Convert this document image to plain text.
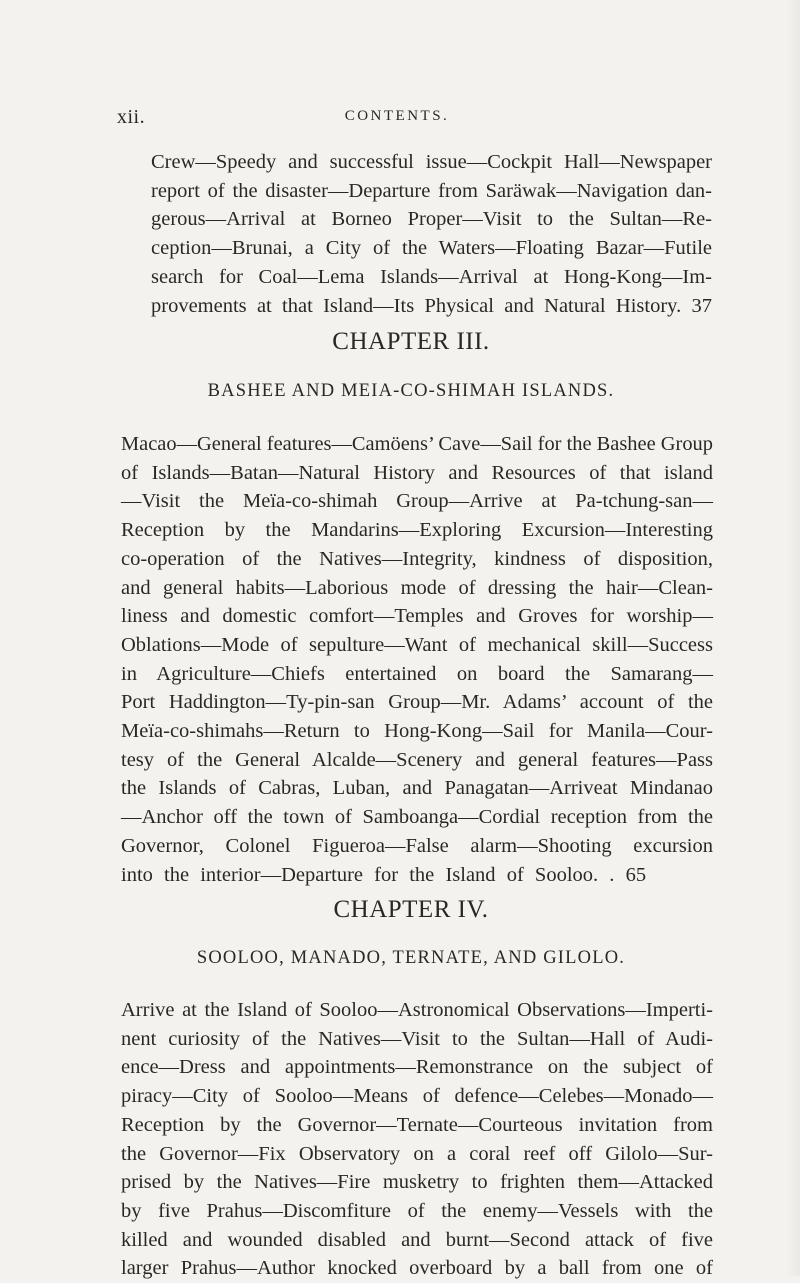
xii.	CONTENTS.
Crew—Speedy and successful issue—Cockpit Hall—Newspaper
report of the disaster—Departure from Saräwak—Navigation dan-
gerous—Arrival at Borneo Proper—Visit to the Sultan—Re-
ception—Brunai, a City of the Waters—Floating Bazar—Futile
search for Coal—Lema Islands—Arrival at Hong-Kong—Im-
provements at that Island—Its Physical and Natural History. 37
CHAPTER III.
BASHEE AND MEIA-CO-SHIMAH ISLANDS.
Macao—General features—Camöens’ Cave—Sail for the Bashee Group
of Islands—Batan—Natural History and Resources of that island
—Visit the Meïa-co-shimah Group—Arrive at Pa-tchung-san—
Reception by the Mandarins—Exploring Excursion—Interesting
co-operation of the Natives—Integrity, kindness of disposition,
and general habits—Laborious mode of dressing the hair—Clean-
liness and domestic comfort—Temples and Groves for worship—
Oblations—Mode of sepulture—Want of mechanical skill—Success
in Agriculture—Chiefs entertained on board the Samarang—
Port Haddington—Ty-pin-san Group—Mr. Adams’ account of the
Meïa-co-shimahs—Return to Hong-Kong—Sail for Manila—Cour-
tesy of the General Alcalde—Scenery and general features—Pass
the Islands of Cabras, Luban, and Panagatan—Arriveat Mindanao
—Anchor off the town of Samboanga—Cordial reception from the
Governor, Colonel Figueroa—False alarm—Shooting excursion
into the interior—Departure for the Island of Sooloo. . 65
CHAPTER IV.
SOOLOO, MANADO, TERNATE, AND GILOLO.
Arrive at the Island of Sooloo—Astronomical Observations—Imperti-
nent curiosity of the Natives—Visit to the Sultan—Hall of Audi-
ence—Dress and appointments—Remonstrance on the subject of
piracy—City of Sooloo—Means of defence—Celebes—Monado—
Reception by the Governor—Ternate—Courteous invitation from
the Governor—Fix Observatory on a coral reef off Gilolo—Sur-
prised by the Natives—Fire musketry to frighten them—Attacked
by five Prahus—Discomfiture of the enemy—Vessels with the
killed and wounded disabled and burnt—Second attack of five
larger Prahus—Author knocked overboard by a ball from one of
